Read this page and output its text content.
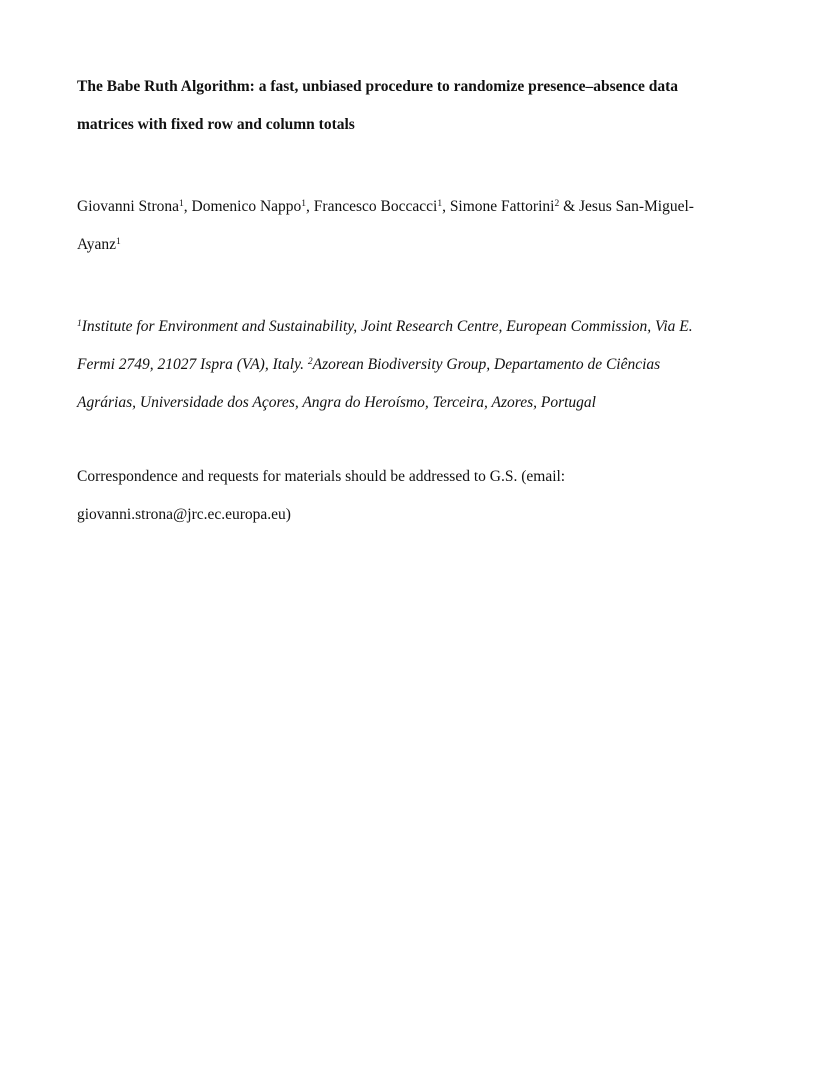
The Babe Ruth Algorithm: a fast, unbiased procedure to randomize presence–absence data
matrices with fixed row and column totals
Giovanni Strona$^1$, Domenico Nappo$^1$, Francesco Boccacci$^1$, Simone Fattorini$^2$ & Jesus San-Miguel-
Ayanz$^1$
$^1$Institute for Environment and Sustainability, Joint Research Centre, European Commission, Via E.
Fermi 2749, 21027 Ispra (VA), Italy. $^2$Azorean Biodiversity Group, Departamento de Ciências
Agrárias, Universidade dos Açores, Angra do Heroísmo, Terceira, Azores, Portugal
Correspondence and requests for materials should be addressed to G.S. (email:
giovanni.strona@jrc.ec.europa.eu)
